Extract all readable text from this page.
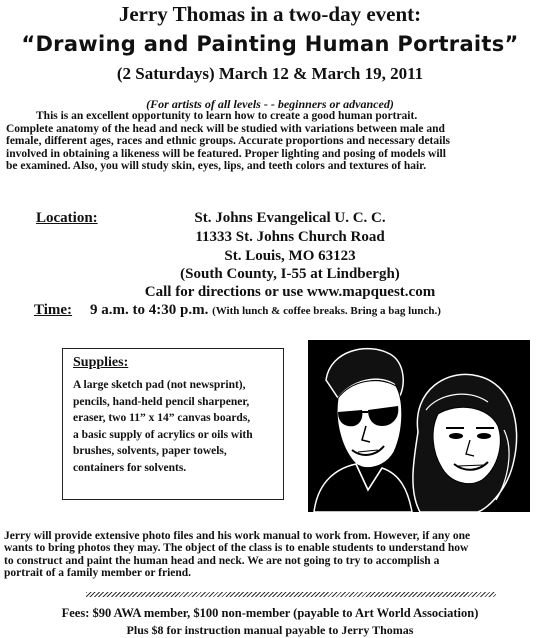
Jerry Thomas in a two-day event:
“Drawing and Painting Human Portraits”
(2 Saturdays) March 12 & March 19, 2011
(For artists of all levels - - beginners or advanced)
This is an excellent opportunity to learn how to create a good human portrait.
Complete anatomy of the head and neck will be studied with variations between male and
female, different ages, races and ethnic groups. Accurate proportions and necessary details
involved in obtaining a likeness will be featured. Proper lighting and posing of models will
be examined. Also, you will study skin, eyes, lips, and teeth colors and textures of hair.
Location:	St. Johns Evangelical U. C. C.
11333 St. Johns Church Road
St. Louis, MO 63123
(South County, I-55 at Lindbergh)
Call for directions or use www.mapquest.com
Time: 9 a.m. to 4:30 p.m. (With lunch & coffee breaks. Bring a bag lunch.)
Supplies:

A large sketch pad (not newsprint),
pencils, hand-held pencil sharpener,
eraser, two 11” x 14” canvas boards,
a basic supply of acrylics or oils with
brushes, solvents, paper towels,
containers for solvents.

Jerry will provide extensive photo files and his work manual to work from. However, if any one
wants to bring photos they may. The object of the class is to enable students to understand how
to construct and paint the human head and neck. We are not going to try to accomplish a
portrait of a family member or friend.
Fees: $90 AWA member, $100 non-member (payable to Art World Association)
Plus $8 for instruction manual payable to Jerry Thomas
